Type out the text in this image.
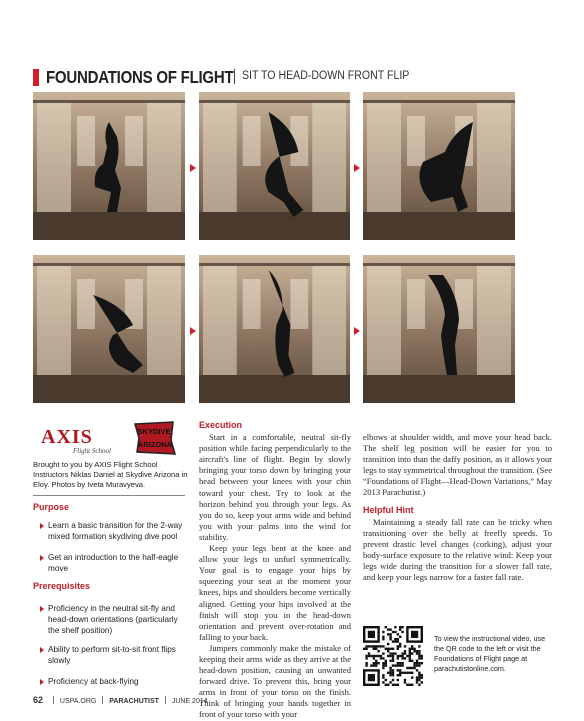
FOUNDATIONS OF FLIGHT SIT TO HEAD-DOWN FRONT FLIP
AXIS
Flight School
SKYDIVE
ARIZONA
Brought to you by AXIS Flight School Instructors Niklas Daniel at Skydive Arizona in Eloy. Photos by Iveta Muravyeva.
Purpose
Learn a basic transition for the 2-way mixed formation skydiving dive pool
Get an introduction to the half-eagle move
Prerequisites
Proficiency in the neutral sit-fly and head-down orientations (particularly the shelf position)
Ability to perform sit-to-sit front flips slowly
Proficiency at back-flying

Execution

Start in a comfortable, neutral sit-fly position while facing perpendicularly to the aircraft's line of flight. Begin by slowly bringing your torso down by bringing your head between your knees with your chin toward your chest. Try to look at the horizon behind you through your legs. As you do so, keep your arms wide and behind you with your palms into the wind for stability.

Keep your legs bent at the knee and allow your legs to unfurl symmetrically. Your goal is to engage your hips by squeezing your seat at the moment your knees, hips and shoulders become vertically aligned. Getting your hips involved at the finish will stop you in the head-down orientation and prevent over-rotation and falling to your back.

Jumpers commonly make the mistake of keeping their arms wide as they arrive at the head-down position, causing an unwanted forward drive. To prevent this, bring your arms in front of your torso on the finish. Think of bringing your hands together in front of your torso with your

elbows at shoulder width, and move your head back. The shelf leg position will be easier for you to transition into than the daffy position, as it allows your legs to stay symmetrical throughout the transition. (See “Foundations of Flight—Head-Down Variations,” May 2013 Parachutist.)

Helpful Hint

Maintaining a steady fall rate can be tricky when transitioning over the belly at freefly speeds. To prevent drastic level changes (corking), adjust your body-surface exposure to the relative wind: Keep your legs wide during the transition for a slower fall rate, and keep your legs narrow for a faster fall rate.

To view the instructional video, use the QR code to the left or visit the Foundations of Flight page at parachutistonline.com.
62 USPA.ORG PARACHUTIST JUNE 2014
